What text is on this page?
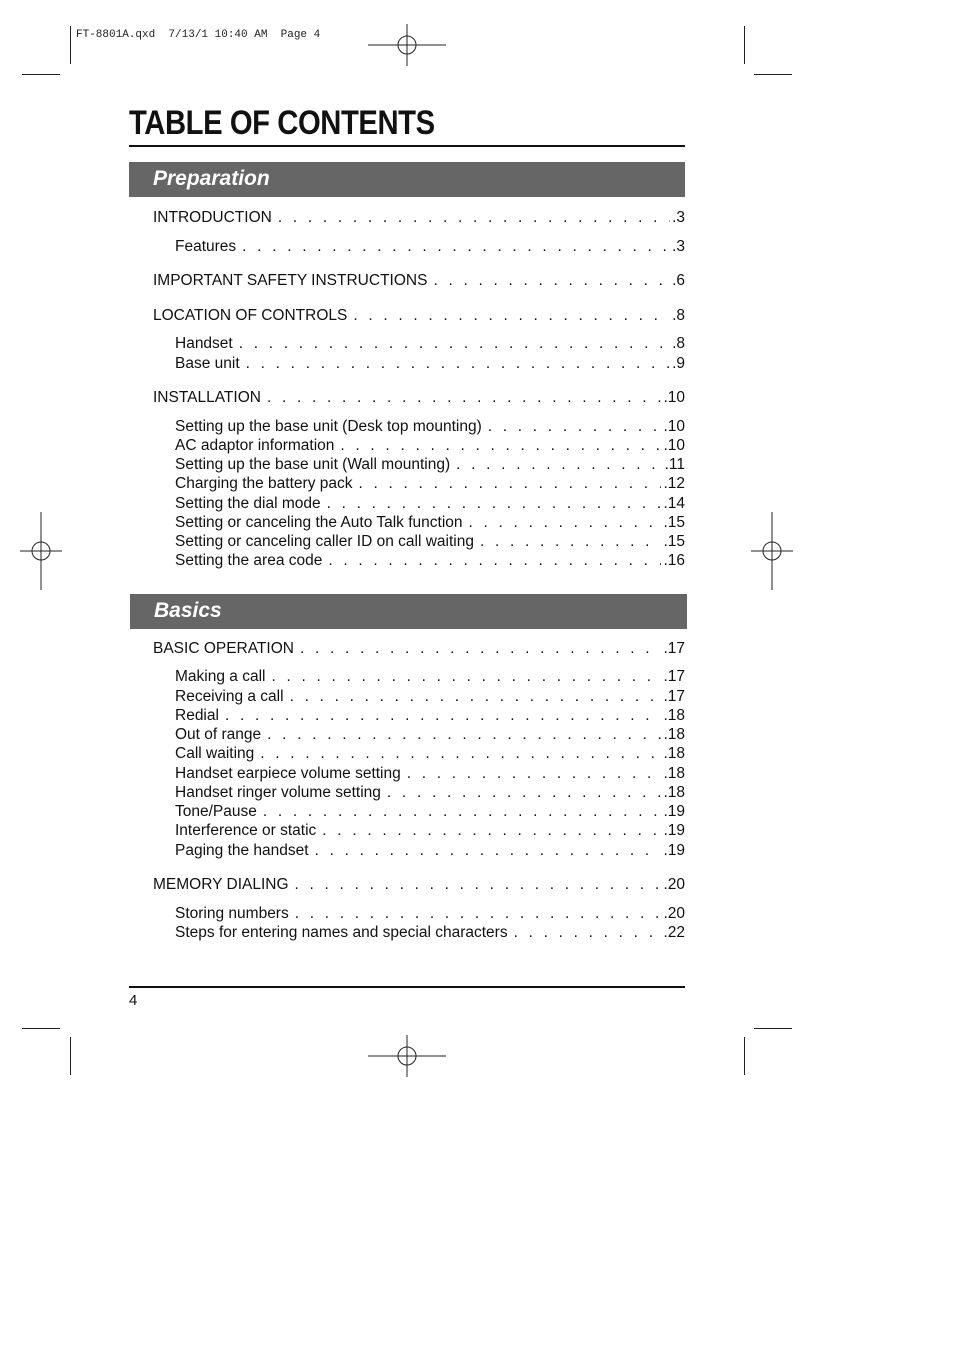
FT-8801A.qxd  7/13/1 10:40 AM  Page 4
TABLE OF CONTENTS
Preparation
INTRODUCTION . . .	.3
Features . . .	.3
IMPORTANT SAFETY INSTRUCTIONS . . .	.6
LOCATION OF CONTROLS . . .	.8
Handset . . .	.8
Base unit . . .	.9
INSTALLATION . . .	.10
Setting up the base unit (Desk top mounting) . . .	.10
AC adaptor information . . .	.10
Setting up the base unit (Wall mounting) . . .	.11
Charging the battery pack . . .	.12
Setting the dial mode . . .	.14
Setting or canceling the Auto Talk function . . .	.15
Setting or canceling caller ID on call waiting . . .	.15
Setting the area code . . .	.16
Basics
BASIC OPERATION . . .	.17
Making a call . . .	.17
Receiving a call . . .	.17
Redial . . .	.18
Out of range . . .	.18
Call waiting . . .	.18
Handset earpiece volume setting . . .	.18
Handset ringer volume setting . . .	.18
Tone/Pause . . .	.19
Interference or static . . .	.19
Paging the handset . . .	.19
MEMORY DIALING . . .	.20
Storing numbers . . .	.20
Steps for entering names and special characters . . .	.22
4
